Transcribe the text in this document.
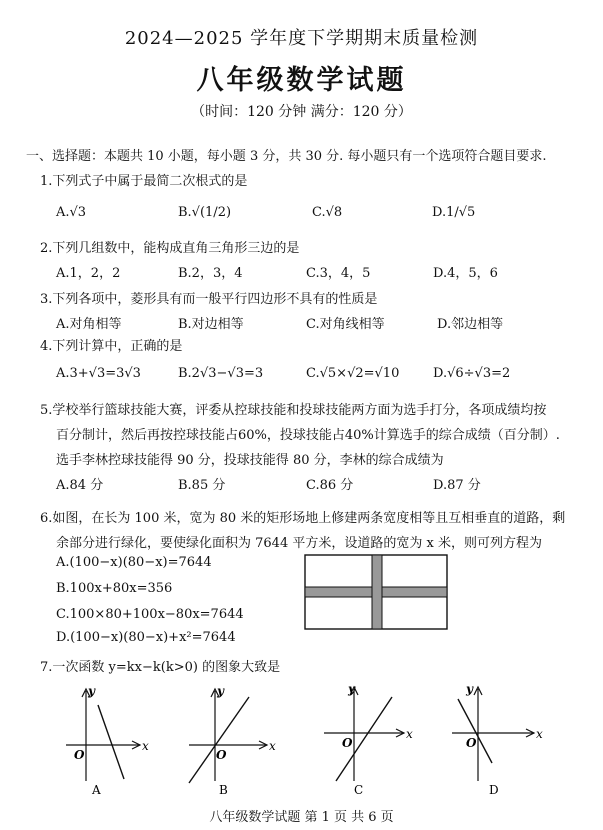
2024—2025 学年度下学期期末质量检测
八年级数学试题
（时间：120 分钟 满分：120 分）
一、选择题：本题共 10 小题，每小题 3 分，共 30 分. 每小题只有一个选项符合题目要求.
1.下列式子中属于最简二次根式的是
A.√3	B.√(1/2)	C.√8	D.1/√5
2.下列几组数中，能构成直角三角形三边的是
A.1，2，2	B.2，3，4	C.3，4，5	D.4，5，6
3.下列各项中，菱形具有而一般平行四边形不具有的性质是
A.对角相等	B.对边相等	C.对角线相等	D.邻边相等
4.下列计算中，正确的是
A.3+√3=3√3	B.2√3−√3=3	C.√5×√2=√10	D.√6÷√3=2
5.学校举行篮球技能大赛，评委从控球技能和投球技能两方面为选手打分，各项成绩均按
百分制计，然后再按控球技能占60%，投球技能占40%计算选手的综合成绩（百分制）.
选手李林控球技能得 90 分，投球技能得 80 分，李林的综合成绩为
A.84 分	B.85 分	C.86 分	D.87 分
6.如图，在长为 100 米，宽为 80 米的矩形场地上修建两条宽度相等且互相垂直的道路，剩
余部分进行绿化，要使绿化面积为 7644 平方米，设道路的宽为 x 米，则可列方程为
A.(100−x)(80−x)=7644
B.100x+80x=356
C.100×80+100x−80x=7644
D.(100−x)(80−x)+x²=7644
7.一次函数 y=kx−k(k>0) 的图象大致是
y
x
O
A
y
x
O
B
y
x
O
C
y
x
O
D
八年级数学试题 第 1 页 共 6 页
